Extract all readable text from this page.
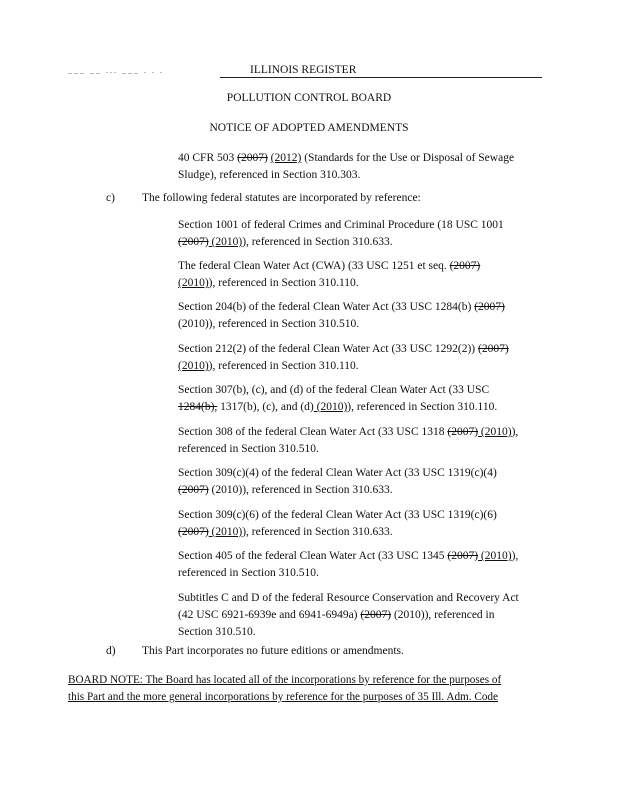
___ __ ... ___ . . .	ILLINOIS REGISTER
POLLUTION CONTROL BOARD
NOTICE OF ADOPTED AMENDMENTS
40 CFR 503 (2007) (2012) (Standards for the Use or Disposal of Sewage
Sludge), referenced in Section 310.303.
c) The following federal statutes are incorporated by reference:
Section 1001 of federal Crimes and Criminal Procedure (18 USC 1001
(2007) (2010)), referenced in Section 310.633.
The federal Clean Water Act (CWA) (33 USC 1251 et seq. (2007)
(2010)), referenced in Section 310.110.
Section 204(b) of the federal Clean Water Act (33 USC 1284(b) (2007)
(2010)), referenced in Section 310.510.
Section 212(2) of the federal Clean Water Act (33 USC 1292(2)) (2007)
(2010)), referenced in Section 310.110.
Section 307(b), (c), and (d) of the federal Clean Water Act (33 USC
1284(b), 1317(b), (c), and (d) (2010)), referenced in Section 310.110.
Section 308 of the federal Clean Water Act (33 USC 1318 (2007) (2010)),
referenced in Section 310.510.
Section 309(c)(4) of the federal Clean Water Act (33 USC 1319(c)(4)
(2007) (2010)), referenced in Section 310.633.
Section 309(c)(6) of the federal Clean Water Act (33 USC 1319(c)(6)
(2007) (2010)), referenced in Section 310.633.
Section 405 of the federal Clean Water Act (33 USC 1345 (2007) (2010)),
referenced in Section 310.510.
Subtitles C and D of the federal Resource Conservation and Recovery Act
(42 USC 6921-6939e and 6941-6949a) (2007) (2010)), referenced in
Section 310.510.
d) This Part incorporates no future editions or amendments.
BOARD NOTE: The Board has located all of the incorporations by reference for the purposes of
this Part and the more general incorporations by reference for the purposes of 35 Ill. Adm. Code
